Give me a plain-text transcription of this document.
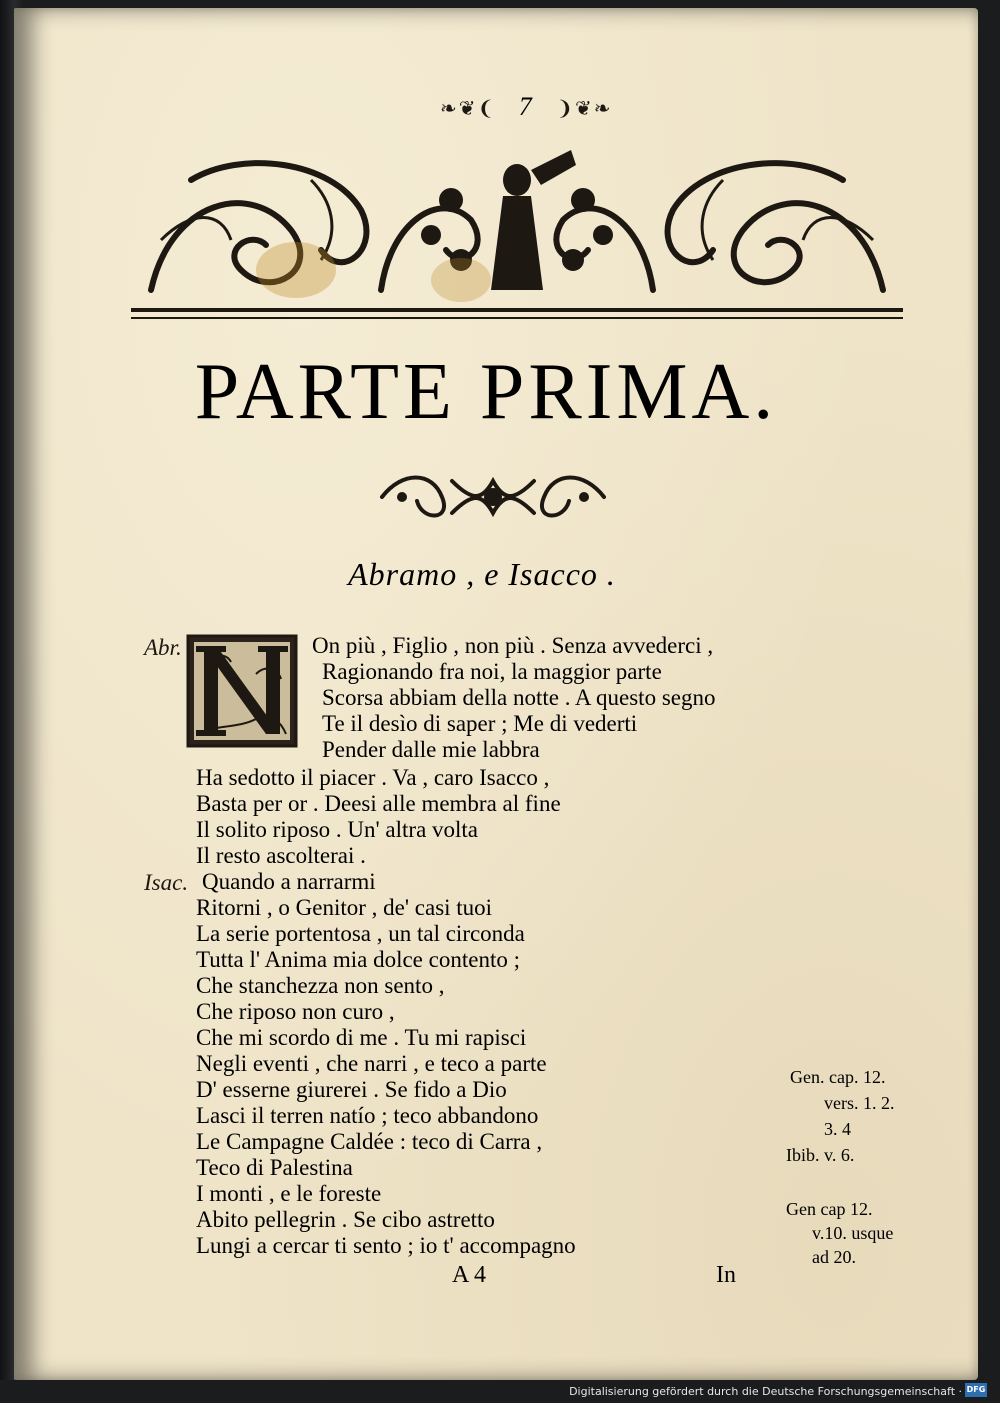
❧❦❨ 7 ❩❦❧
PARTE PRIMA.
Abramo , e Isacco .
Abr.
Isac.
On più , Figlio , non più . Senza avvederci ,
Ragionando fra noi, la maggior parte
Scorsa abbiam della notte . A questo segno
Te il desìo di saper ; Me di vederti
Pender dalle mie labbra
Ha sedotto il piacer . Va , caro Isacco ,
Basta per or . Deesi alle membra al fine
Il solito riposo . Un' altra volta
Il resto ascolterai .
Quando a narrarmi
Ritorni , o Genitor , de' casi tuoi
La serie portentosa , un tal circonda
Tutta l' Anima mia dolce contento ;
Che stanchezza non sento ,
Che riposo non curo ,
Che mi scordo di me . Tu mi rapisci
Negli eventi , che narri , e teco a parte
D' esserne giurerei . Se fido a Dio
Lasci il terren natío ; teco abbandono
Le Campagne Caldée : teco di Carra ,
Teco di Palestina
I monti , e le foreste
Abito pellegrin . Se cibo astretto
Lungi a cercar ti sento ; io t' accompagno
Gen. cap. 12.
vers. 1. 2.
3. 4
Ibib. v. 6.
Gen cap 12.
v.10. usque
ad 20.
A 4	In
Digitalisierung gefördert durch die Deutsche Forschungsgemeinschaft · DFG
